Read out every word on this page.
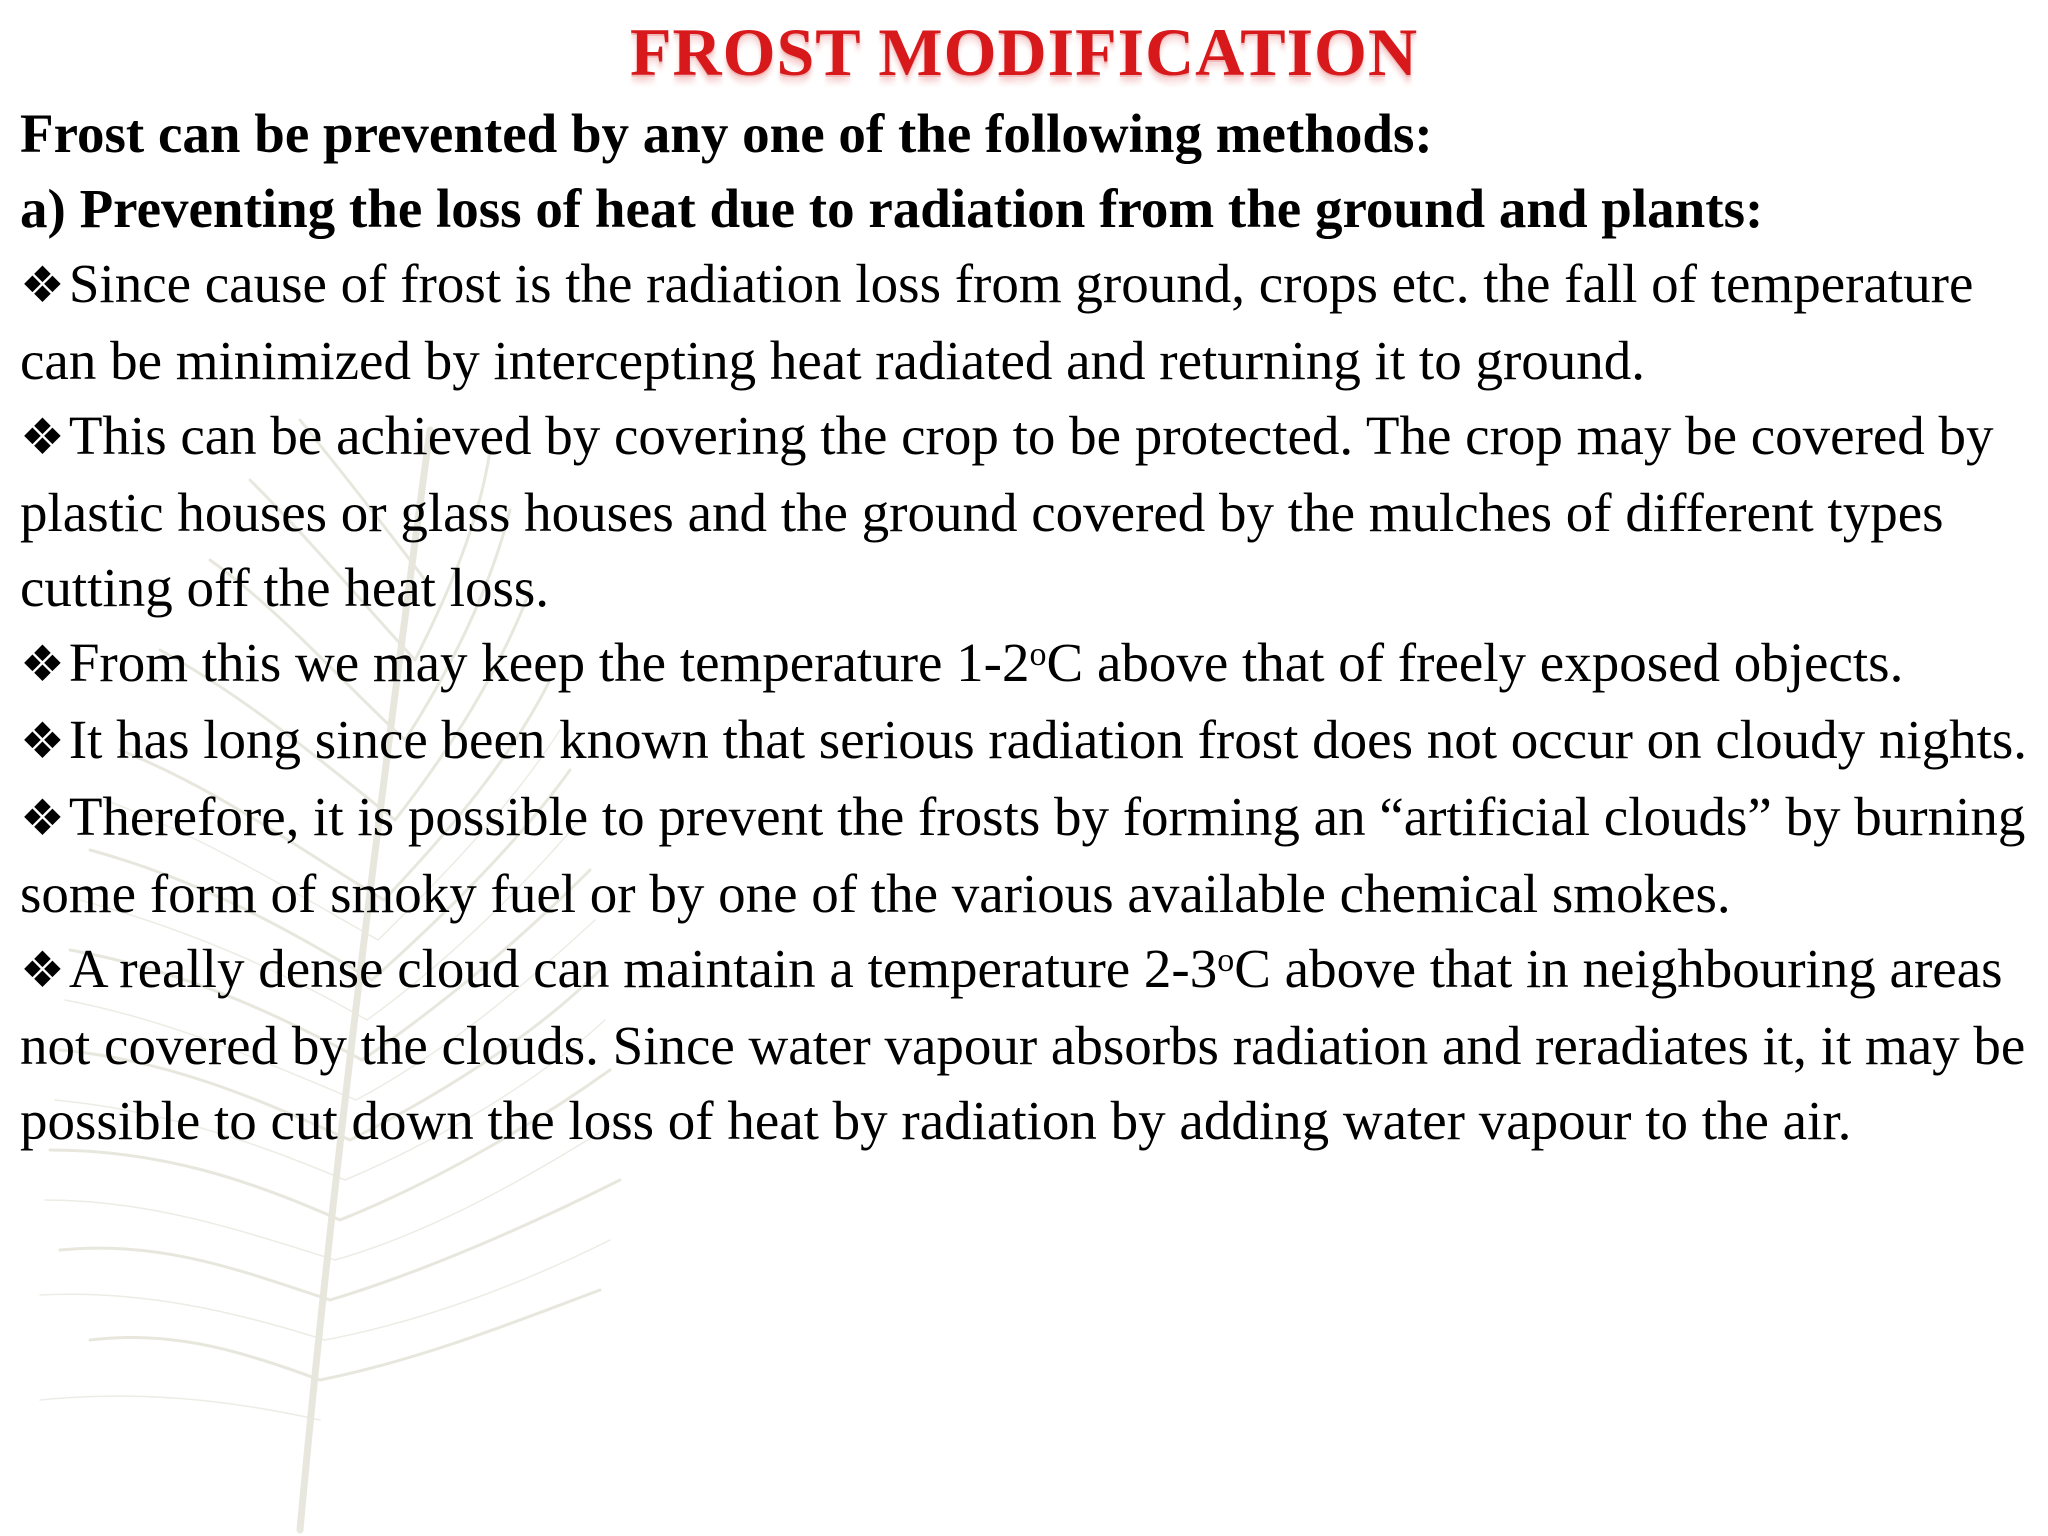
FROST MODIFICATION

Frost can be prevented by any one of the following methods:

a) Preventing the loss of heat due to radiation from the ground and plants:

❖Since cause of frost is the radiation loss from ground, crops etc. the fall of temperature can be minimized by intercepting heat radiated and returning it to ground.

❖This can be achieved by covering the crop to be protected. The crop may be covered by plastic houses or glass houses and the ground covered by the mulches of different types cutting off the heat loss.

❖From this we may keep the temperature 1-2$^o$C above that of freely exposed objects.

❖It has long since been known that serious radiation frost does not occur on cloudy nights.

❖Therefore, it is possible to prevent the frosts by forming an “artificial clouds” by burning some form of smoky fuel or by one of the various available chemical smokes.

❖A really dense cloud can maintain a temperature 2-3$^o$C above that in neighbouring areas not covered by the clouds. Since water vapour absorbs radiation and reradiates it, it may be possible to cut down the loss of heat by radiation by adding water vapour to the air.
